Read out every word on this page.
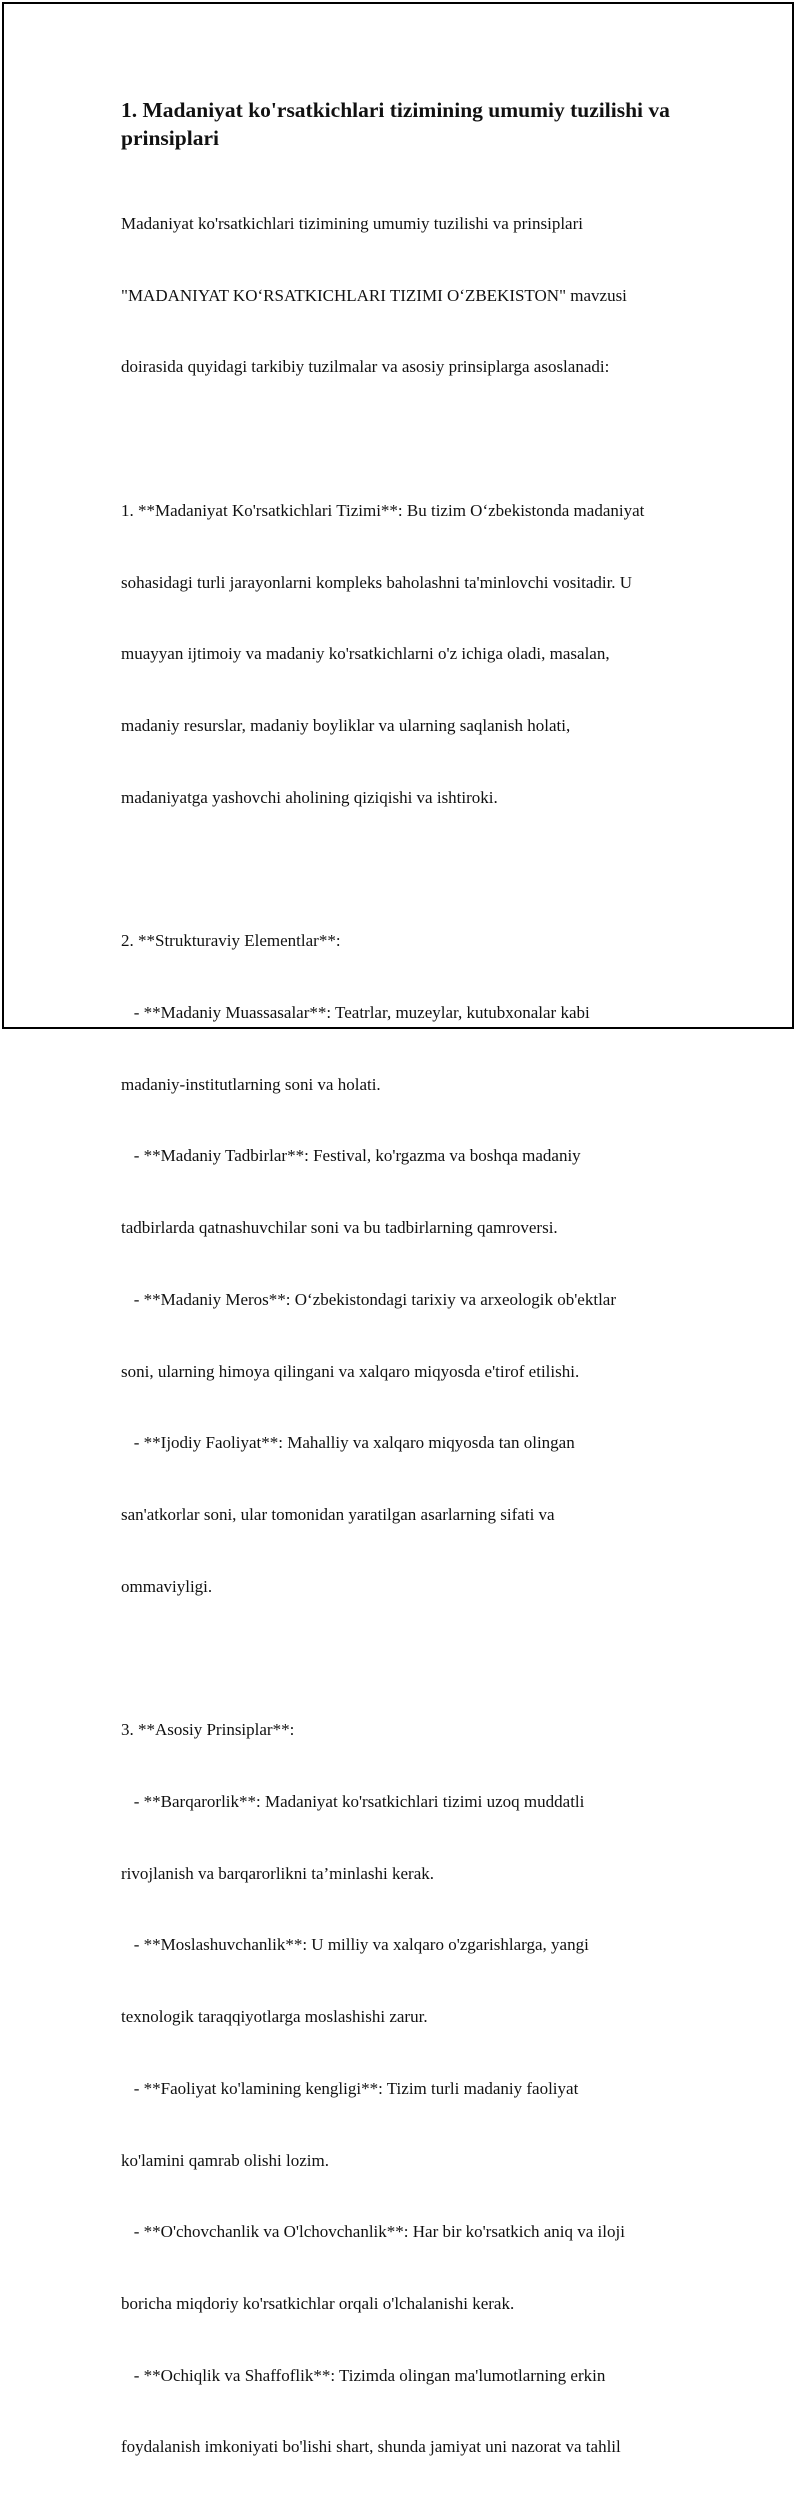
1. Madaniyat ko'rsatkichlari tizimining umumiy tuzilishi va
prinsiplari

Madaniyat ko'rsatkichlari tizimining umumiy tuzilishi va prinsiplari

"MADANIYAT KO‘RSATKICHLARI TIZIMI O‘ZBEKISTON" mavzusi

doirasida quyidagi tarkibiy tuzilmalar va asosiy prinsiplarga asoslanadi:

1. **Madaniyat Ko'rsatkichlari Tizimi**: Bu tizim O‘zbekistonda madaniyat

sohasidagi turli jarayonlarni kompleks baholashni ta'minlovchi vositadir. U

muayyan ijtimoiy va madaniy ko'rsatkichlarni o'z ichiga oladi, masalan,

madaniy resurslar, madaniy boyliklar va ularning saqlanish holati,

madaniyatga yashovchi aholining qiziqishi va ishtiroki.

2. **Strukturaviy Elementlar**:

- **Madaniy Muassasalar**: Teatrlar, muzeylar, kutubxonalar kabi

madaniy-institutlarning soni va holati.

- **Madaniy Tadbirlar**: Festival, ko'rgazma va boshqa madaniy

tadbirlarda qatnashuvchilar soni va bu tadbirlarning qamroversi.

- **Madaniy Meros**: O‘zbekistondagi tarixiy va arxeologik ob'ektlar

soni, ularning himoya qilingani va xalqaro miqyosda e'tirof etilishi.

- **Ijodiy Faoliyat**: Mahalliy va xalqaro miqyosda tan olingan

san'atkorlar soni, ular tomonidan yaratilgan asarlarning sifati va

ommaviyligi.

3. **Asosiy Prinsiplar**:

- **Barqarorlik**: Madaniyat ko'rsatkichlari tizimi uzoq muddatli

rivojlanish va barqarorlikni ta’minlashi kerak.

- **Moslashuvchanlik**: U milliy va xalqaro o'zgarishlarga, yangi

texnologik taraqqiyotlarga moslashishi zarur.

- **Faoliyat ko'lamining kengligi**: Tizim turli madaniy faoliyat

ko'lamini qamrab olishi lozim.

- **O'chovchanlik va O'lchovchanlik**: Har bir ko'rsatkich aniq va iloji

boricha miqdoriy ko'rsatkichlar orqali o'lchalanishi kerak.

- **Ochiqlik va Shaffoflik**: Tizimda olingan ma'lumotlarning erkin

foydalanish imkoniyati bo'lishi shart, shunda jamiyat uni nazorat va tahlil
